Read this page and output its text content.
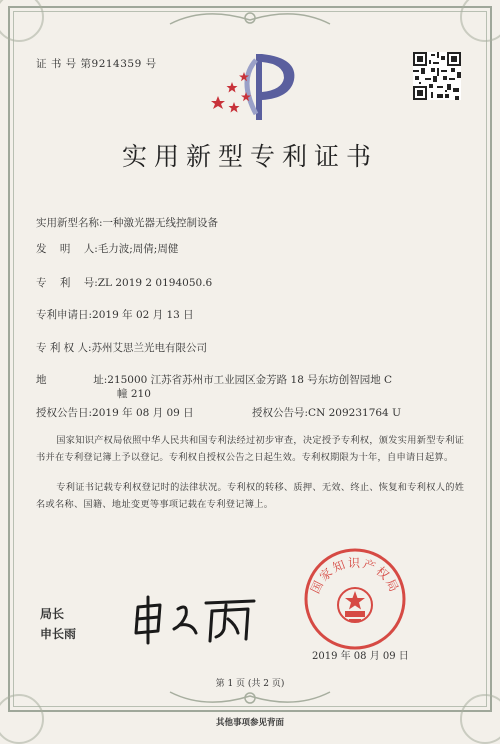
证 书 号 第9214359 号
实用新型专利证书
实用新型名称:一种激光器无线控制设备
发    明    人:毛力波;周倩;周健
专    利    号:ZL 2019 2 0194050.6
专利申请日:2019 年 02 月 13 日
专 利 权 人:苏州艾思兰光电有限公司
地              址:215000 江苏省苏州市工业园区金芳路 18 号东坊创智园地 C
幢 210
授权公告日:2019 年 08 月 09 日	授权公告号:CN 209231764 U
国家知识产权局依照中华人民共和国专利法经过初步审查，决定授予专利权，颁发实用新型专利证书并在专利登记簿上予以登记。专利权自授权公告之日起生效。专利权期限为十年，自申请日起算。
专利证书记载专利权登记时的法律状况。专利权的转移、质押、无效、终止、恢复和专利权人的姓名或名称、国籍、地址变更等事项记载在专利登记簿上。
局长
申长雨
国家知识产权局
2019 年 08 月 09 日
第 1 页 (共 2 页)
其他事项参见背面
